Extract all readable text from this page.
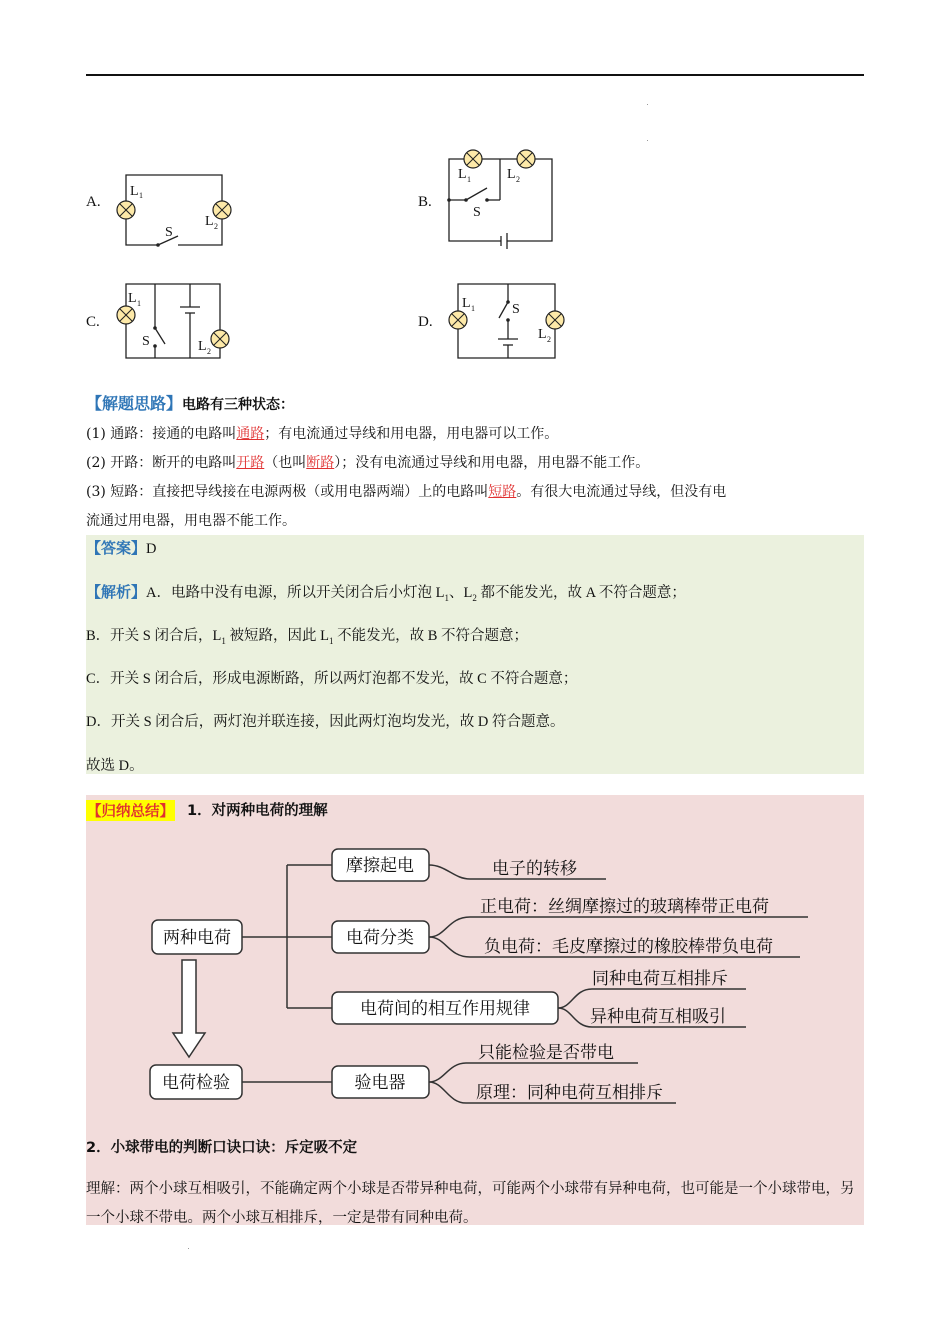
A.
L 1
L 2
S
B.
L 1	L 2
S
C.
L 1
L 2
S
D.
L 1
L 2
S
【解题思路】电路有三种状态：
(1) 通路：接通的电路叫通路；有电流通过导线和用电器，用电器可以工作。
(2) 开路：断开的电路叫开路（也叫断路）；没有电流通过导线和用电器，用电器不能工作。
(3) 短路：直接把导线接在电源两极（或用电器两端）上的电路叫短路。有很大电流通过导线，但没有电
流通过用电器，用电器不能工作。
【答案】D
【解析】A．电路中没有电源，所以开关闭合后小灯泡 $L_1$、$L_2$ 都不能发光，故 A 不符合题意；
B．开关 S 闭合后，$L_1$ 被短路，因此 $L_1$ 不能发光，故 B 不符合题意；
C．开关 S 闭合后，形成电源断路，所以两灯泡都不发光，故 C 不符合题意；
D．开关 S 闭合后，两灯泡并联连接，因此两灯泡均发光，故 D 符合题意。
故选 D。
【归纳总结】 1．对两种电荷的理解
两种电荷
摩擦起电
电荷分类
电荷间的相互作用规律
电荷检验	验电器
电子的转移
正电荷：丝绸摩擦过的玻璃棒带正电荷
负电荷：毛皮摩擦过的橡胶棒带负电荷
同种电荷互相排斥
异种电荷互相吸引
只能检验是否带电
原理：同种电荷互相排斥
2．小球带电的判断口诀口诀：斥定吸不定
理解：两个小球互相吸引，不能确定两个小球是否带异种电荷，可能两个小球带有异种电荷，也可能是一个小球带电，另一个小球不带电。两个小球互相排斥，一定是带有同种电荷。
